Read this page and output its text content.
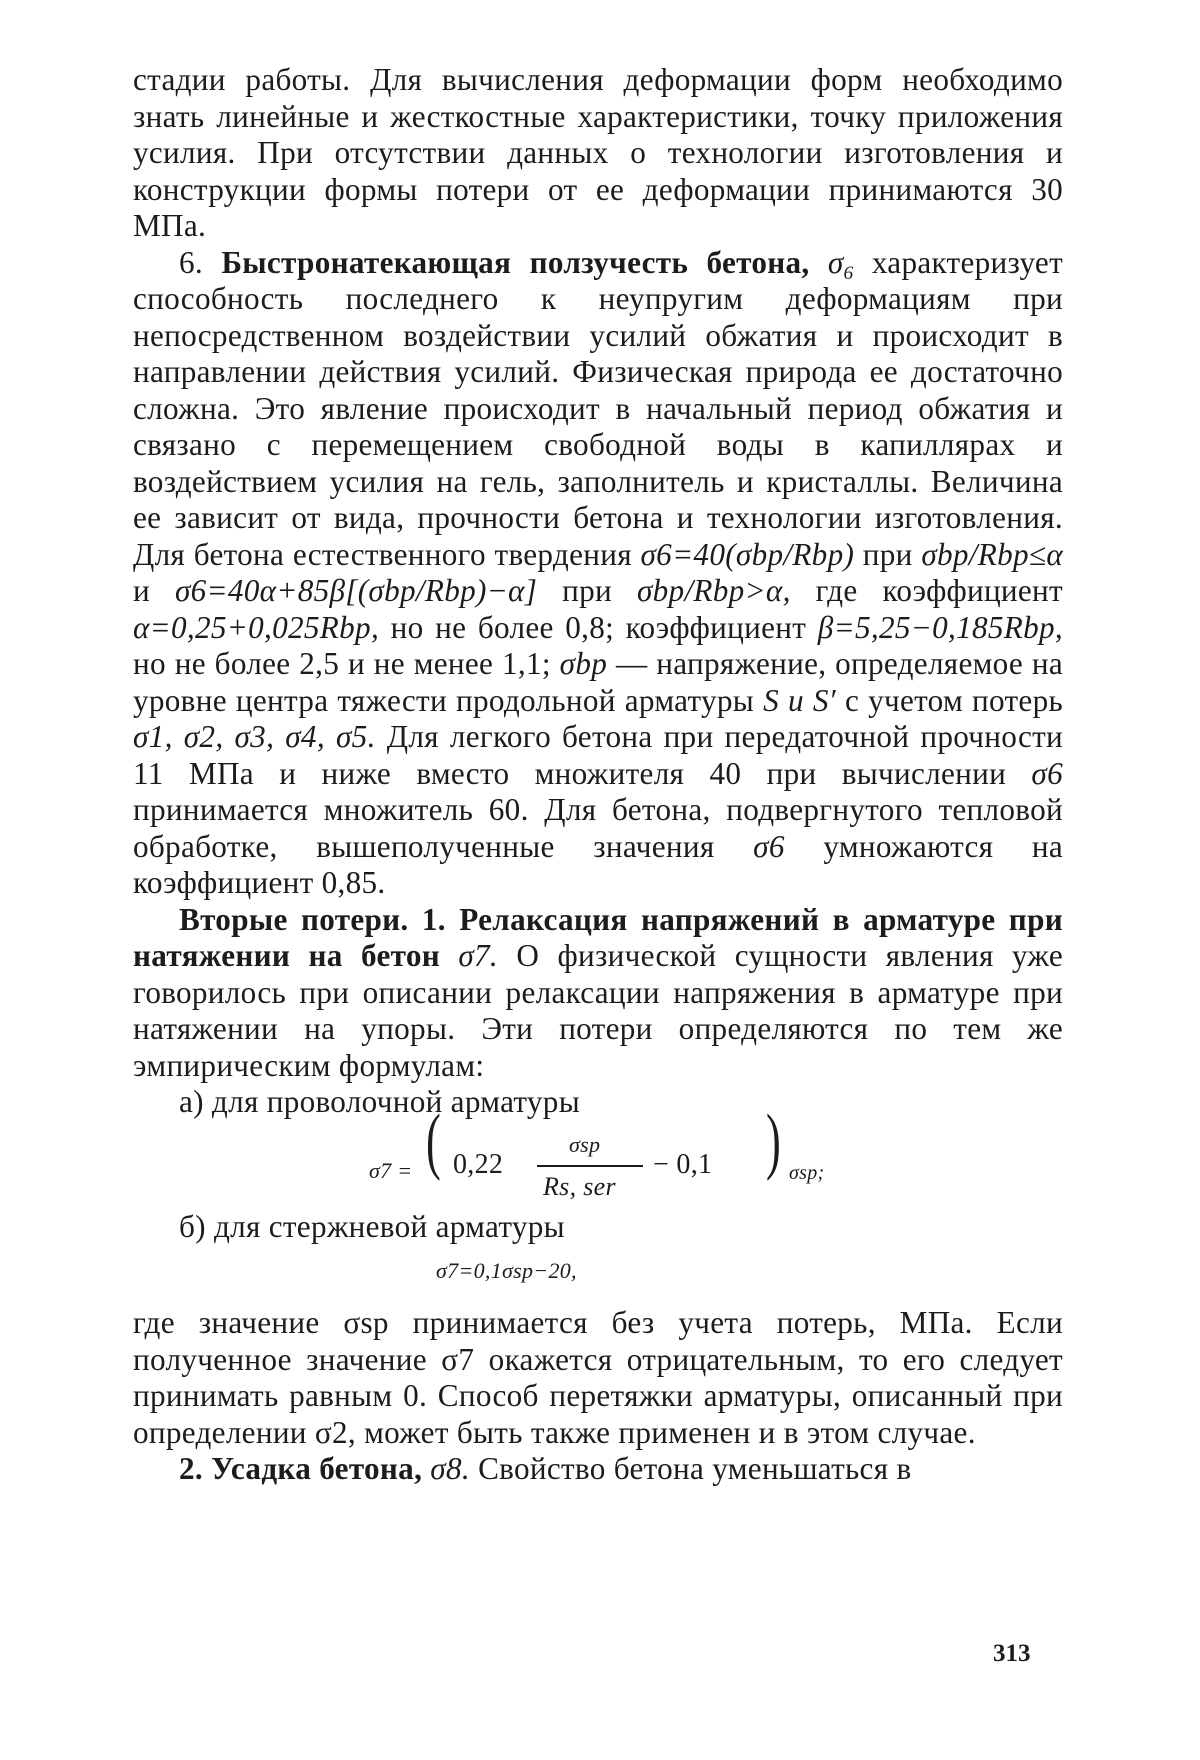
стадии работы. Для вычисления деформации форм необходимо знать линейные и жесткостные характеристики, точку приложения усилия. При отсутствии данных о технологии изготовления и конструкции формы потери от ее деформации принимаются 30 МПа.

6. Быстронатекающая ползучесть бетона, $\sigma_6$ характеризует способность последнего к неупругим деформациям при непосредственном воздействии усилий обжатия и происходит в направлении действия усилий. Физическая природа ее достаточно сложна. Это явление происходит в начальный период обжатия и связано с перемещением свободной воды в капиллярах и воздействием усилия на гель, заполнитель и кристаллы. Величина ее зависит от вида, прочности бетона и технологии изготовления. Для бетона естественного твердения σ6=40(σbp/Rbp) при σbp/Rbp≤α и σ6=40α+85β[(σbp/Rbp)−α] при σbp/Rbp>α, где коэффициент α=0,25+0,025Rbp, но не более 0,8; коэффициент β=5,25−0,185Rbp, но не более 2,5 и не менее 1,1; σbp — напряжение, определяемое на уровне центра тяжести продольной арматуры S и S′ с учетом потерь σ1, σ2, σ3, σ4, σ5. Для легкого бетона при передаточной прочности 11 МПа и ниже вместо множителя 40 при вычислении σ6 принимается множитель 60. Для бетона, подвергнутого тепловой обработке, вышеполученные значения σ6 умножаются на коэффициент 0,85.

Вторые потери. 1. Релаксация напряжений в арматуре при натяжении на бетон σ7. О физической сущности явления уже говорилось при описании релаксации напряжения в арматуре при натяжении на упоры. Эти потери определяются по тем же эмпирическим формулам:

а) для проволочной арматуры

σ7 = ( 0,22
σsp
Rs, ser
− 0,1 ) σsp;

б) для стержневой арматуры

σ7=0,1σsp−20,

где значение σsp принимается без учета потерь, МПа. Если полученное значение σ7 окажется отрицательным, то его следует принимать равным 0. Способ перетяжки арматуры, описанный при определении σ2, может быть также применен и в этом случае.

2. Усадка бетона, σ8. Свойство бетона уменьшаться в

313
